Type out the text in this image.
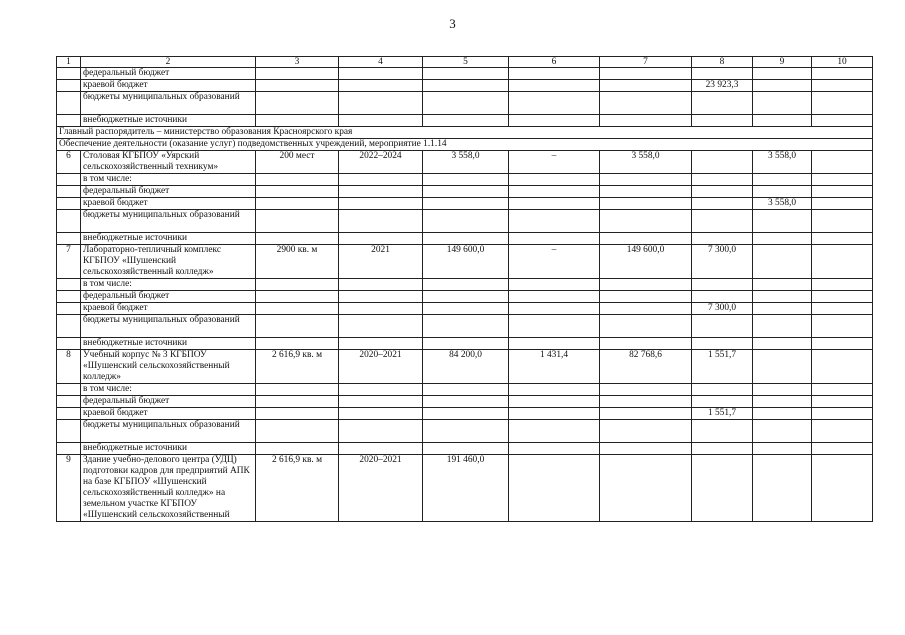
3
1	2	3	4	5	6	7	8	9	10
	федеральный бюджет								
	краевой бюджет						23 923,3		
	бюджеты муниципальных образований								
	внебюджетные источники								
Главный распорядитель – министерство образования Красноярского края									
Обеспечение деятельности (оказание услуг) подведомственных учреждений, мероприятие 1.1.14									
6	Столовая КГБПОУ «Уярский сельскохозяйственный техникум»	200 мест	2022–2024	3 558,0	–	3 558,0		3 558,0	
	в том числе:								
	федеральный бюджет								
	краевой бюджет							3 558,0	
	бюджеты муниципальных образований								
	внебюджетные источники								
7	Лабораторно-тепличный комплекс КГБПОУ «Шушенский сельскохозяйственный колледж»	2900 кв. м	2021	149 600,0	–	149 600,0	7 300,0		
	в том числе:								
	федеральный бюджет								
	краевой бюджет						7 300,0		
	бюджеты муниципальных образований								
	внебюджетные источники								
8	Учебный корпус № 3 КГБПОУ «Шушенский сельскохозяйственный колледж»	2 616,9 кв. м	2020–2021	84 200,0	1 431,4	82 768,6	1 551,7		
	в том числе:								
	федеральный бюджет								
	краевой бюджет						1 551,7		
	бюджеты муниципальных образований								
	внебюджетные источники								
9	Здание учебно-делового центра (УДЦ) подготовки кадров для предприятий АПК на базе КГБПОУ «Шушенский сельскохозяйственный колледж» на земельном участке КГБПОУ «Шушенский сельскохозяйственный	2 616,9 кв. м	2020–2021	191 460,0					
